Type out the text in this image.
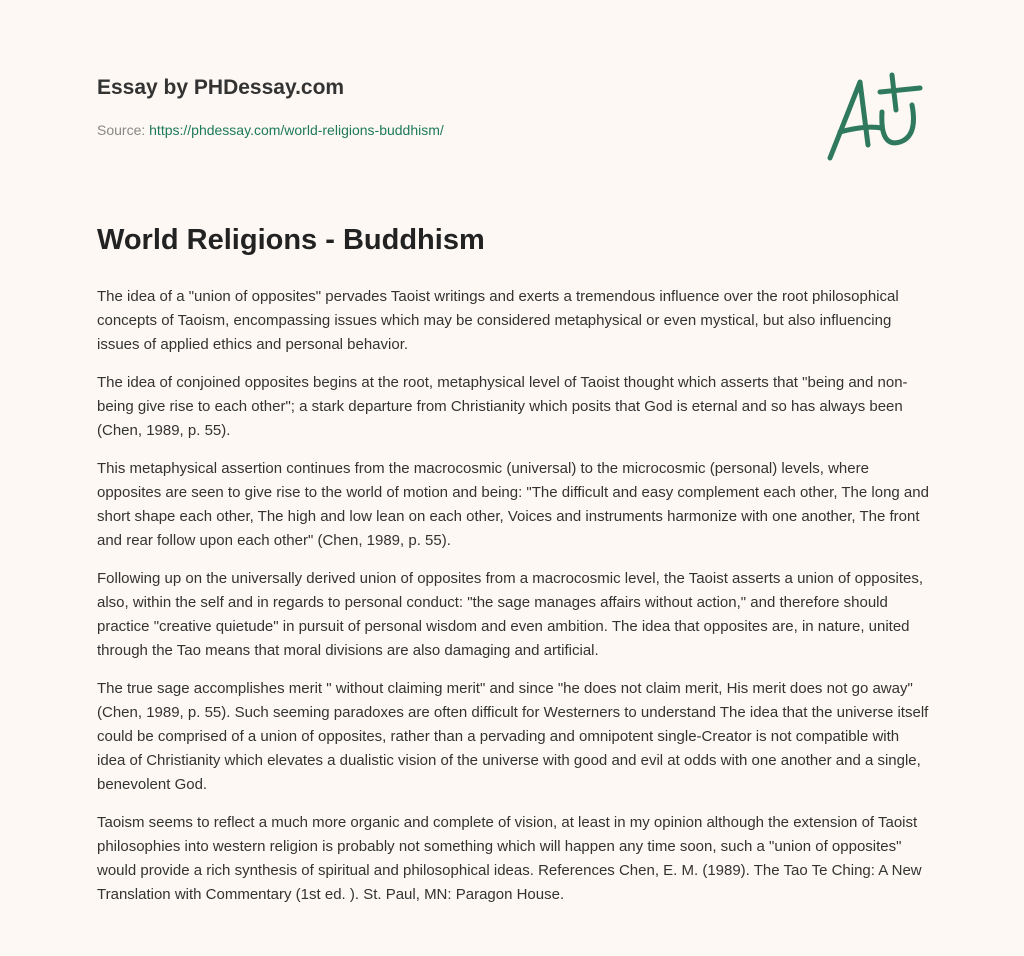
Essay by PHDessay.com
Source: https://phdessay.com/world-religions-buddhism/
World Religions - Buddhism

The idea of a "union of opposites" pervades Taoist writings and exerts a tremendous influence over the root philosophical concepts of Taoism, encompassing issues which may be considered metaphysical or even mystical, but also influencing issues of applied ethics and personal behavior.

The idea of conjoined opposites begins at the root, metaphysical level of Taoist thought which asserts that "being and non-being give rise to each other"; a stark departure from Christianity which posits that God is eternal and so has always been (Chen, 1989, p. 55).

This metaphysical assertion continues from the macrocosmic (universal) to the microcosmic (personal) levels, where opposites are seen to give rise to the world of motion and being: "The difficult and easy complement each other, The long and short shape each other, The high and low lean on each other, Voices and instruments harmonize with one another, The front and rear follow upon each other" (Chen, 1989, p. 55).

Following up on the universally derived union of opposites from a macrocosmic level, the Taoist asserts a union of opposites, also, within the self and in regards to personal conduct: "the sage manages affairs without action," and therefore should practice "creative quietude" in pursuit of personal wisdom and even ambition. The idea that opposites are, in nature, united through the Tao means that moral divisions are also damaging and artificial.

The true sage accomplishes merit " without claiming merit" and since "he does not claim merit, His merit does not go away" (Chen, 1989, p. 55). Such seeming paradoxes are often difficult for Westerners to understand The idea that the universe itself could be comprised of a union of opposites, rather than a pervading and omnipotent single-Creator is not compatible with idea of Christianity which elevates a dualistic vision of the universe with good and evil at odds with one another and a single, benevolent God.

Taoism seems to reflect a much more organic and complete of vision, at least in my opinion although the extension of Taoist philosophies into western religion is probably not something which will happen any time soon, such a "union of opposites" would provide a rich synthesis of spiritual and philosophical ideas. References Chen, E. M. (1989). The Tao Te Ching: A New Translation with Commentary (1st ed. ). St. Paul, MN: Paragon House.
